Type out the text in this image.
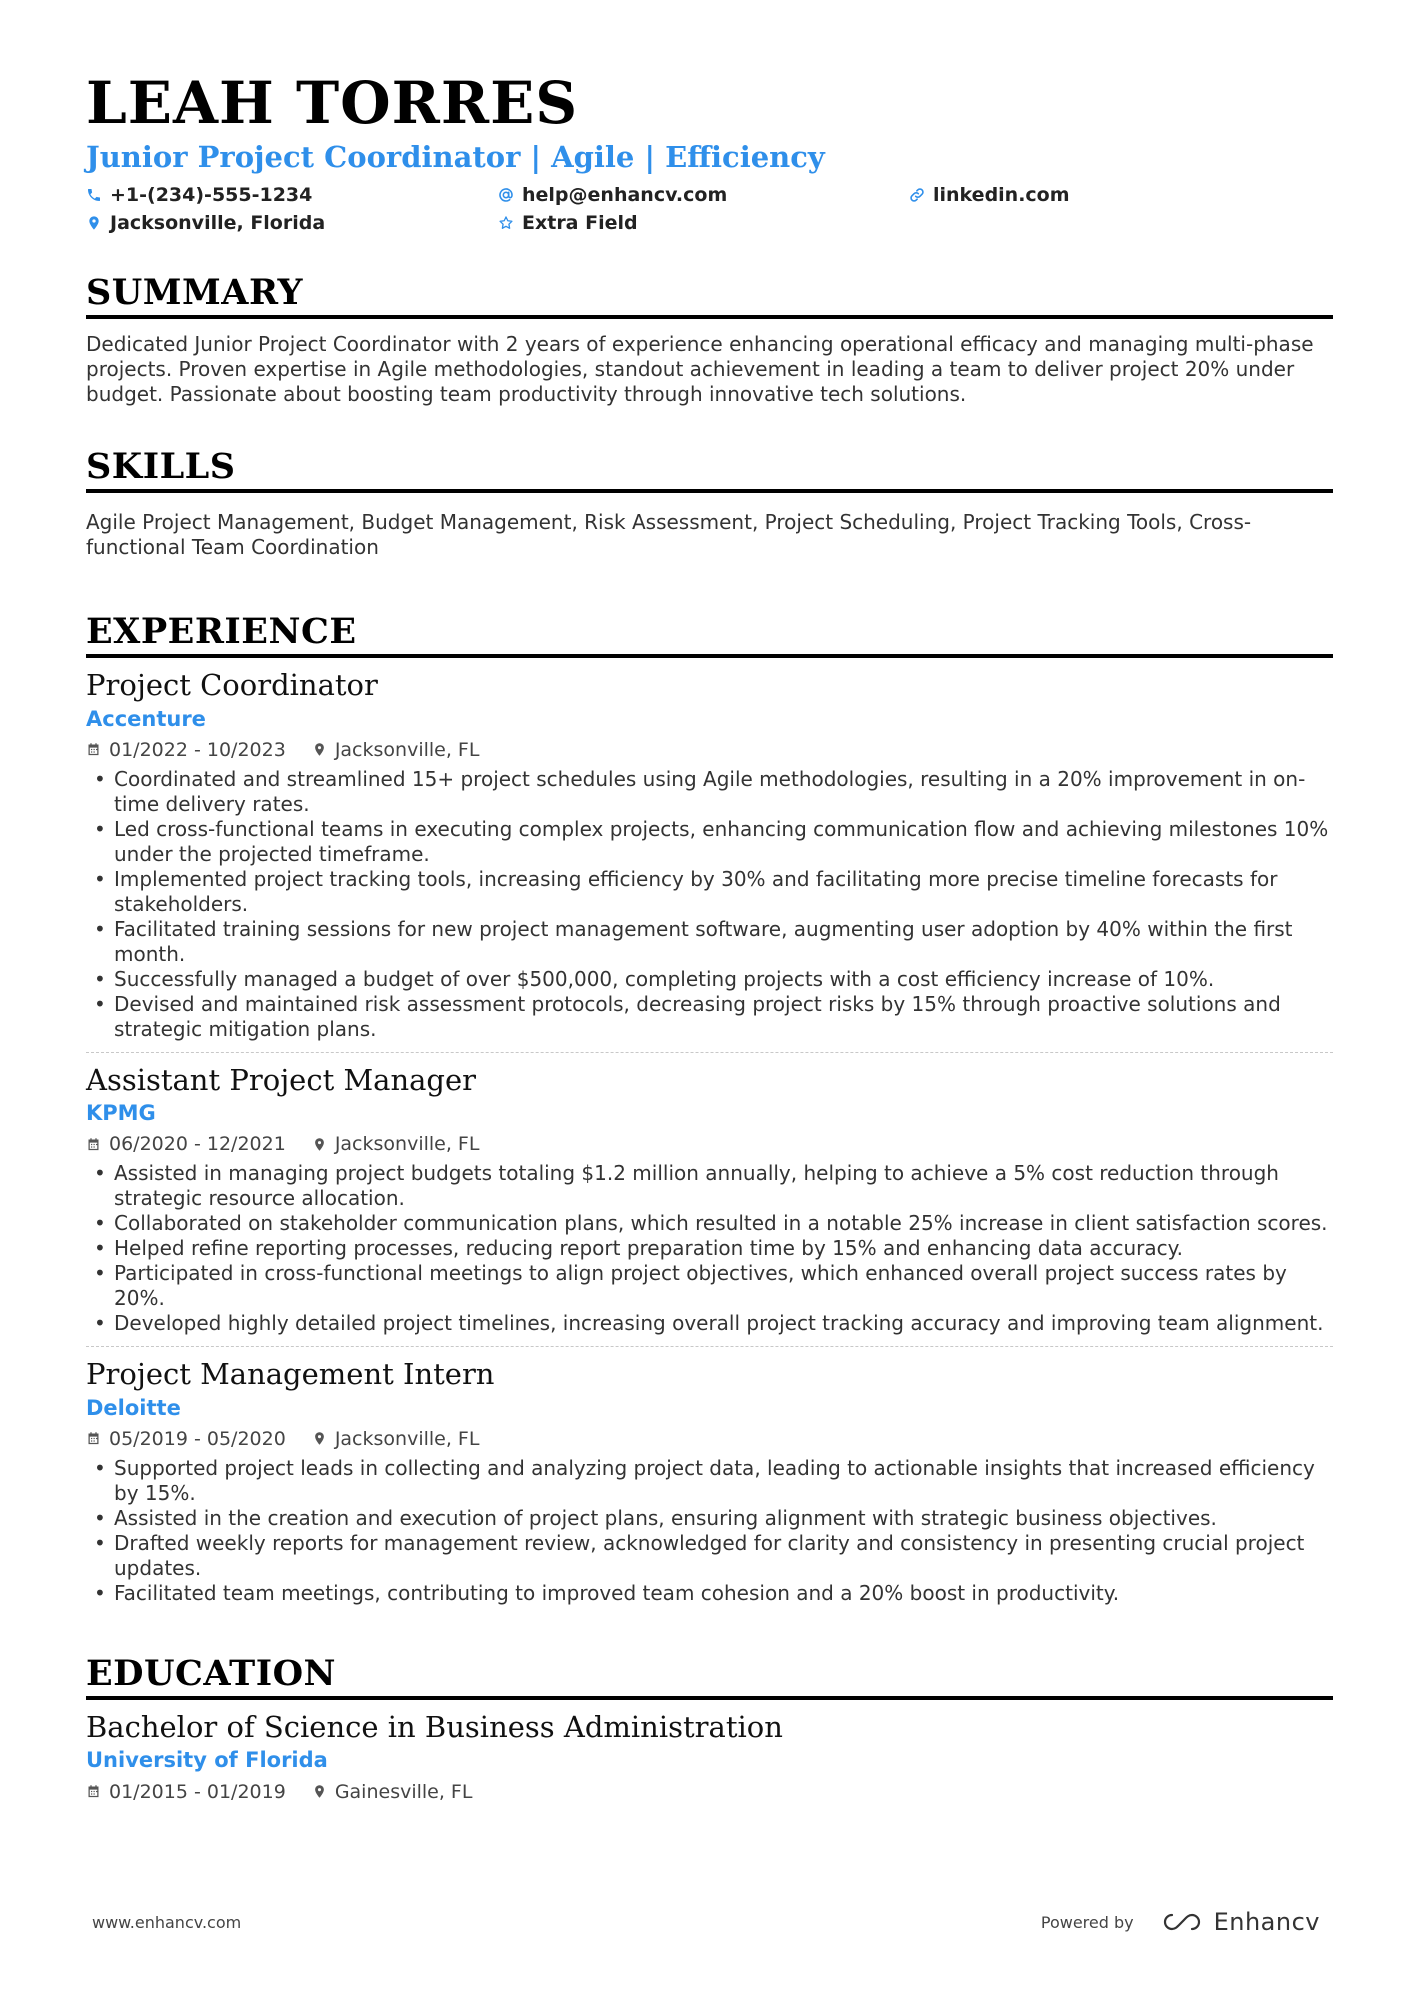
LEAH TORRES
Junior Project Coordinator | Agile | Efficiency
+1-(234)-555-1234	help@enhancv.com	linkedin.com
Jacksonville, Florida	Extra Field
SUMMARY

Dedicated Junior Project Coordinator with 2 years of experience enhancing operational efficacy and managing multi-phase projects. Proven expertise in Agile methodologies, standout achievement in leading a team to deliver project 20% under budget. Passionate about boosting team productivity through innovative tech solutions.

SKILLS

Agile Project Management, Budget Management, Risk Assessment, Project Scheduling, Project Tracking Tools, Cross-functional Team Coordination

EXPERIENCE
Project Coordinator
Accenture
01/2022 - 10/2023	Jacksonville, FL
• Coordinated and streamlined 15+ project schedules using Agile methodologies, resulting in a 20% improvement in on-time delivery rates.
• Led cross-functional teams in executing complex projects, enhancing communication flow and achieving milestones 10% under the projected timeframe.
• Implemented project tracking tools, increasing efficiency by 30% and facilitating more precise timeline forecasts for stakeholders.
• Facilitated training sessions for new project management software, augmenting user adoption by 40% within the first month.
• Successfully managed a budget of over $500,000, completing projects with a cost efficiency increase of 10%.
• Devised and maintained risk assessment protocols, decreasing project risks by 15% through proactive solutions and strategic mitigation plans.
Assistant Project Manager
KPMG
06/2020 - 12/2021	Jacksonville, FL
• Assisted in managing project budgets totaling $1.2 million annually, helping to achieve a 5% cost reduction through strategic resource allocation.
• Collaborated on stakeholder communication plans, which resulted in a notable 25% increase in client satisfaction scores.
• Helped refine reporting processes, reducing report preparation time by 15% and enhancing data accuracy.
• Participated in cross-functional meetings to align project objectives, which enhanced overall project success rates by 20%.
• Developed highly detailed project timelines, increasing overall project tracking accuracy and improving team alignment.
Project Management Intern
Deloitte
05/2019 - 05/2020	Jacksonville, FL
• Supported project leads in collecting and analyzing project data, leading to actionable insights that increased efficiency by 15%.
• Assisted in the creation and execution of project plans, ensuring alignment with strategic business objectives.
• Drafted weekly reports for management review, acknowledged for clarity and consistency in presenting crucial project updates.
• Facilitated team meetings, contributing to improved team cohesion and a 20% boost in productivity.
EDUCATION
Bachelor of Science in Business Administration
University of Florida
01/2015 - 01/2019	Gainesville, FL
www.enhancv.com	Powered by	Enhancv
